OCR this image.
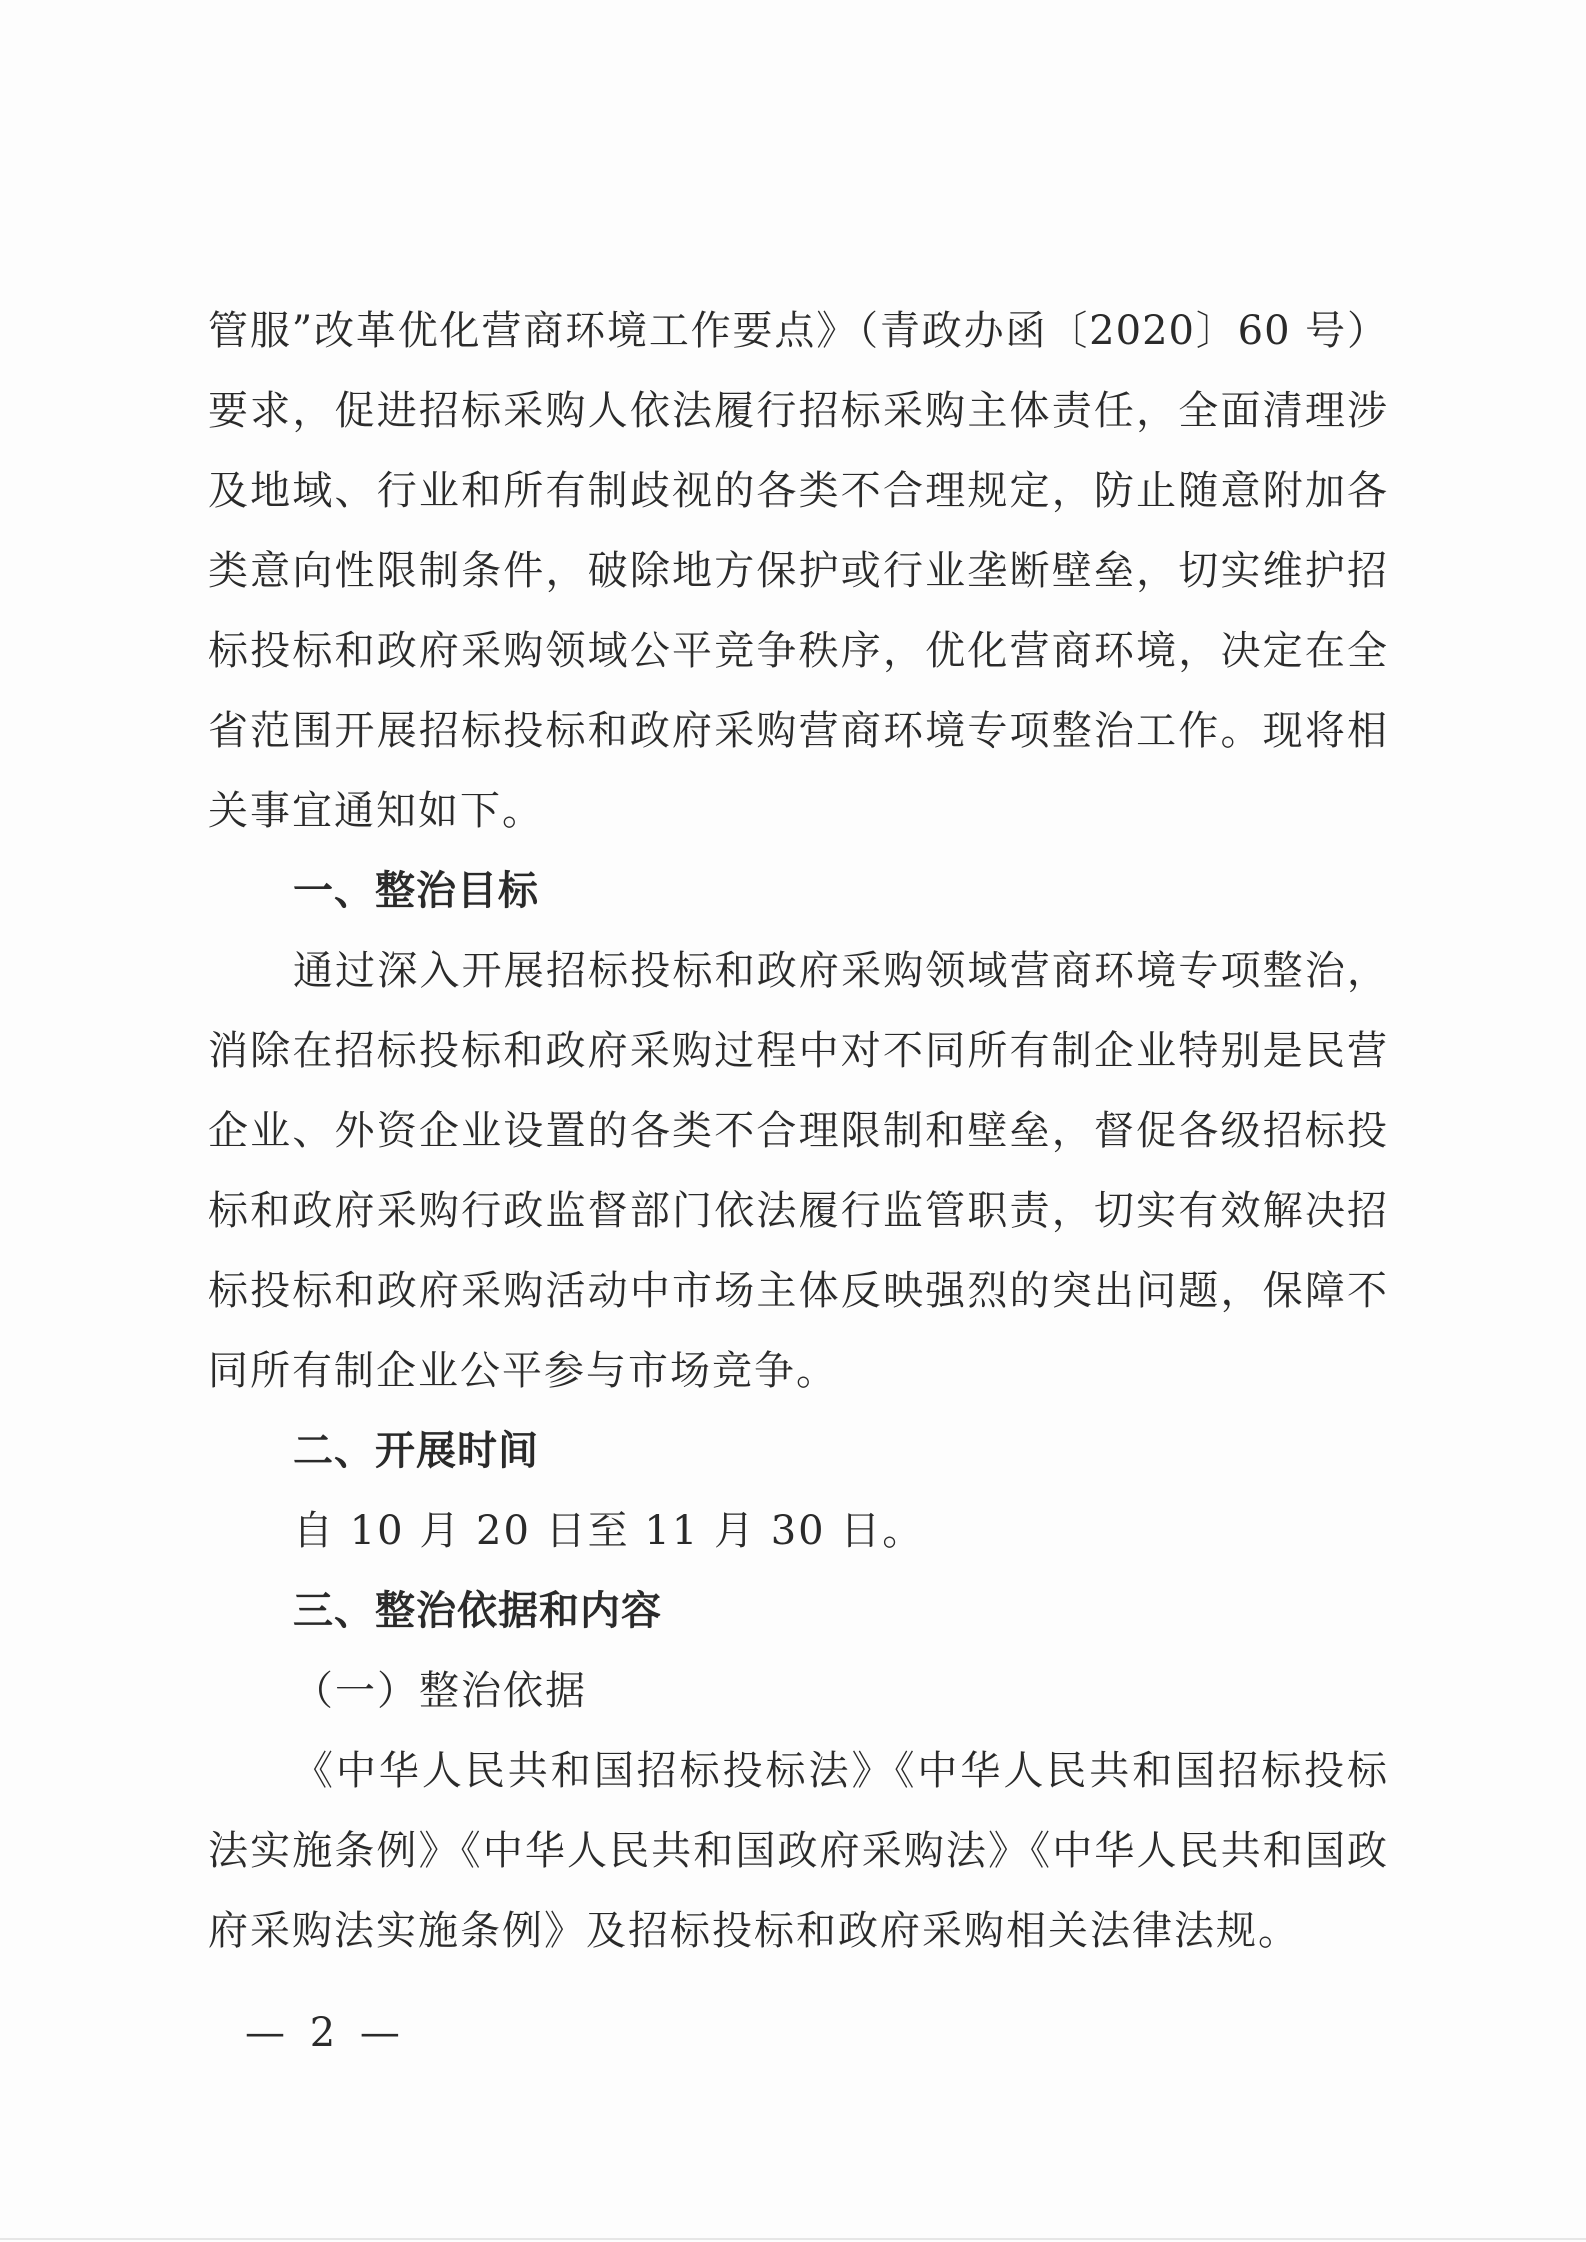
管服”改革优化营商环境工作要点》（青政办函〔2020〕60 号）
要求，促进招标采购人依法履行招标采购主体责任，全面清理涉
及地域、行业和所有制歧视的各类不合理规定，防止随意附加各
类意向性限制条件，破除地方保护或行业垄断壁垒，切实维护招
标投标和政府采购领域公平竞争秩序，优化营商环境，决定在全
省范围开展招标投标和政府采购营商环境专项整治工作。现将相
关事宜通知如下。
一、整治目标
通过深入开展招标投标和政府采购领域营商环境专项整治，
消除在招标投标和政府采购过程中对不同所有制企业特别是民营
企业、外资企业设置的各类不合理限制和壁垒，督促各级招标投
标和政府采购行政监督部门依法履行监管职责，切实有效解决招
标投标和政府采购活动中市场主体反映强烈的突出问题，保障不
同所有制企业公平参与市场竞争。
二、开展时间
自 10 月 20 日至 11 月 30 日。
三、整治依据和内容
（一）整治依据
《中华人民共和国招标投标法》《中华人民共和国招标投标
法实施条例》《中华人民共和国政府采购法》《中华人民共和国政
府采购法实施条例》及招标投标和政府采购相关法律法规。
— 2 —
